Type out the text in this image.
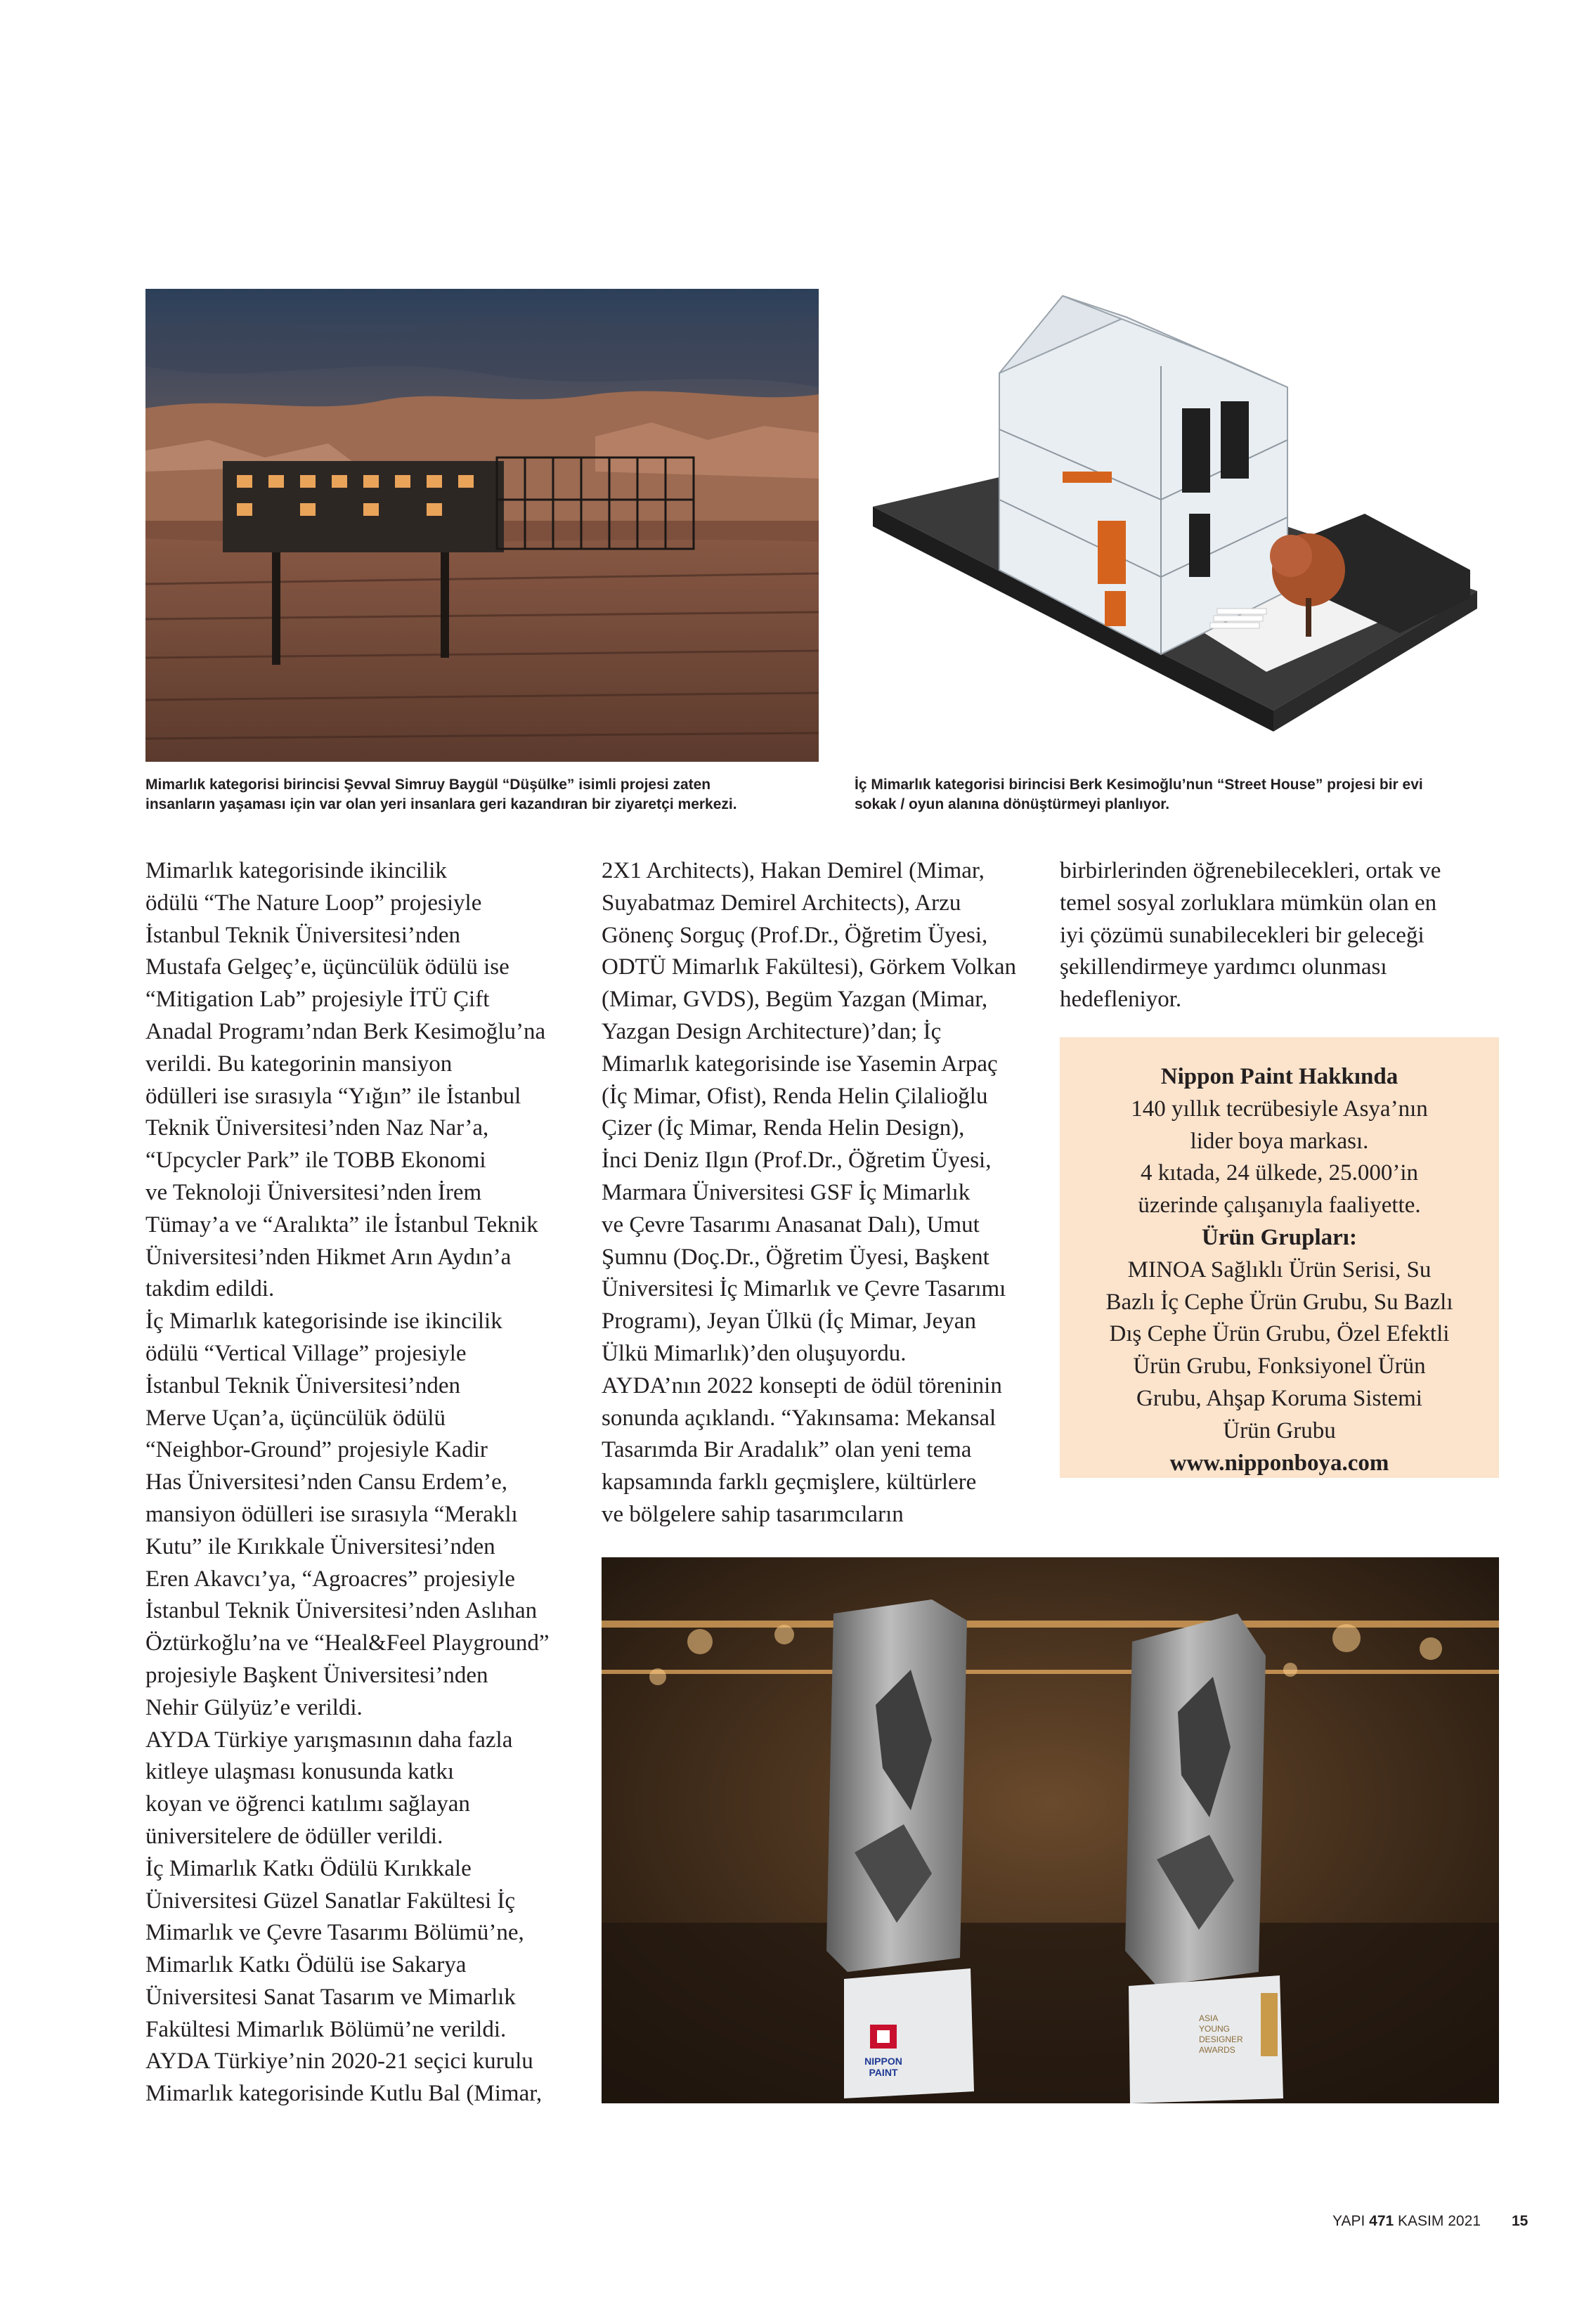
Mimarlık kategorisi birincisi Şevval Simruy Baygül “Düşülke” isimli projesi zaten
insanların yaşaması için var olan yeri insanlara geri kazandıran bir ziyaretçi merkezi.
İç Mimarlık kategorisi birincisi Berk Kesimoğlu’nun “Street House” projesi bir evi
sokak / oyun alanına dönüştürmeyi planlıyor.

Mimarlık kategorisinde ikincilik

ödülü “The Nature Loop” projesiyle

İstanbul Teknik Üniversitesi’nden

Mustafa Gelgeç’e, üçüncülük ödülü ise

“Mitigation Lab” projesiyle İTÜ Çift

Anadal Programı’ndan Berk Kesimoğlu’na

verildi. Bu kategorinin mansiyon

ödülleri ise sırasıyla “Yığın” ile İstanbul

Teknik Üniversitesi’nden Naz Nar’a,

“Upcycler Park” ile TOBB Ekonomi

ve Teknoloji Üniversitesi’nden İrem

Tümay’a ve “Aralıkta” ile İstanbul Teknik

Üniversitesi’nden Hikmet Arın Aydın’a

takdim edildi.

İç Mimarlık kategorisinde ise ikincilik

ödülü “Vertical Village” projesiyle

İstanbul Teknik Üniversitesi’nden

Merve Uçan’a, üçüncülük ödülü

“Neighbor-Ground” projesiyle Kadir

Has Üniversitesi’nden Cansu Erdem’e,

mansiyon ödülleri ise sırasıyla “Meraklı

Kutu” ile Kırıkkale Üniversitesi’nden

Eren Akavcı’ya, “Agroacres” projesiyle

İstanbul Teknik Üniversitesi’nden Aslıhan

Öztürkoğlu’na ve “Heal&Feel Playground”

projesiyle Başkent Üniversitesi’nden

Nehir Gülyüz’e verildi.

AYDA Türkiye yarışmasının daha fazla

kitleye ulaşması konusunda katkı

koyan ve öğrenci katılımı sağlayan

üniversitelere de ödüller verildi.

İç Mimarlık Katkı Ödülü Kırıkkale

Üniversitesi Güzel Sanatlar Fakültesi İç

Mimarlık ve Çevre Tasarımı Bölümü’ne,

Mimarlık Katkı Ödülü ise Sakarya

Üniversitesi Sanat Tasarım ve Mimarlık

Fakültesi Mimarlık Bölümü’ne verildi.

AYDA Türkiye’nin 2020-21 seçici kurulu

Mimarlık kategorisinde Kutlu Bal (Mimar,

2X1 Architects), Hakan Demirel (Mimar,

Suyabatmaz Demirel Architects), Arzu

Gönenç Sorguç (Prof.Dr., Öğretim Üyesi,

ODTÜ Mimarlık Fakültesi), Görkem Volkan

(Mimar, GVDS), Begüm Yazgan (Mimar,

Yazgan Design Architecture)’dan; İç

Mimarlık kategorisinde ise Yasemin Arpaç

(İç Mimar, Ofist), Renda Helin Çilalioğlu

Çizer (İç Mimar, Renda Helin Design),

İnci Deniz Ilgın (Prof.Dr., Öğretim Üyesi,

Marmara Üniversitesi GSF İç Mimarlık

ve Çevre Tasarımı Anasanat Dalı), Umut

Şumnu (Doç.Dr., Öğretim Üyesi, Başkent

Üniversitesi İç Mimarlık ve Çevre Tasarımı

Programı), Jeyan Ülkü (İç Mimar, Jeyan

Ülkü Mimarlık)’den oluşuyordu.

AYDA’nın 2022 konsepti de ödül töreninin

sonunda açıklandı. “Yakınsama: Mekansal

Tasarımda Bir Aradalık” olan yeni tema

kapsamında farklı geçmişlere, kültürlere

ve bölgelere sahip tasarımcıların

birbirlerinden öğrenebilecekleri, ortak ve

temel sosyal zorluklara mümkün olan en

iyi çözümü sunabilecekleri bir geleceği

şekillendirmeye yardımcı olunması

hedefleniyor.

Nippon Paint Hakkında

140 yıllık tecrübesiyle Asya’nın

lider boya markası.

4 kıtada, 24 ülkede, 25.000’in

üzerinde çalışanıyla faaliyette.

Ürün Grupları:

MINOA Sağlıklı Ürün Serisi, Su

Bazlı İç Cephe Ürün Grubu, Su Bazlı

Dış Cephe Ürün Grubu, Özel Efektli

Ürün Grubu, Fonksiyonel Ürün

Grubu, Ahşap Koruma Sistemi

Ürün Grubu

www.nipponboya.com

NIPPON
PAINT
ASIA
YOUNG
DESIGNER
AWARDS
YAPI 471 KASIM 2021 15
